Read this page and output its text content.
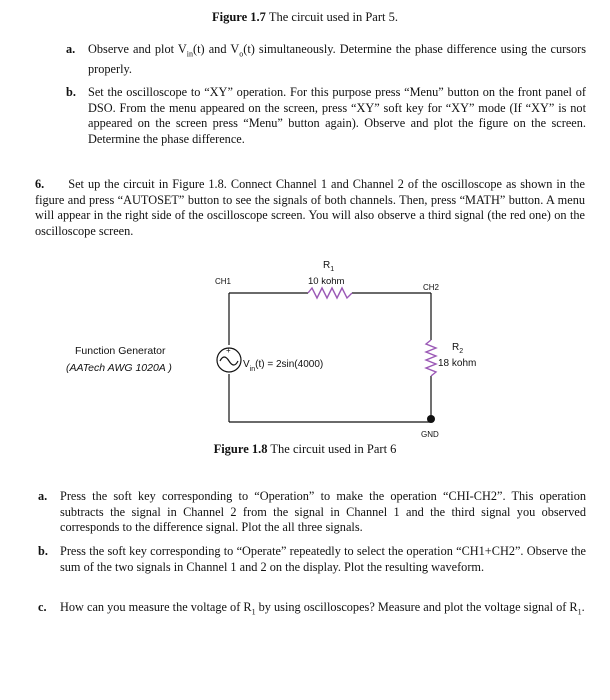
Figure 1.7 The circuit used in Part 5.
a. Observe and plot $V_{in}(t)$ and $V_o(t)$ simultaneously. Determine the phase difference using the cursors properly.
b. Set the oscilloscope to “XY” operation. For this purpose press “Menu” button on the front panel of DSO. From the menu appeared on the screen, press “XY” soft key for “XY” mode (If “XY” is not appeared on the screen press “Menu” button again). Observe and plot the figure on the screen. Determine the phase difference.
6. Set up the circuit in Figure 1.8. Connect Channel 1 and Channel 2 of the oscilloscope as shown in the figure and press “AUTOSET” button to see the signals of both channels. Then, press “MATH” button. A menu will appear in the right side of the oscilloscope screen. You will also observe a third signal (the red one) on the oscilloscope screen.
+
$R_1$
10 kohm
CH1
CH2
$R_2$
18 kohm
Function Generator
(AATech AWG 1020A )	$V_{in}(t) = 2\sin(4000)$
GND
Figure 1.8 The circuit used in Part 6
a. Press the soft key corresponding to “Operation” to make the operation “CHI-CH2”. This operation subtracts the signal in Channel 2 from the signal in Channel 1 and the third signal you observed corresponds to the difference signal. Plot the all three signals.
b. Press the soft key corresponding to “Operate” repeatedly to select the operation “CH1+CH2”. Observe the sum of the two signals in Channel 1 and 2 on the display. Plot the resulting waveform.
c. How can you measure the voltage of $R_1$ by using oscilloscopes? Measure and plot the voltage signal of $R_1$.
